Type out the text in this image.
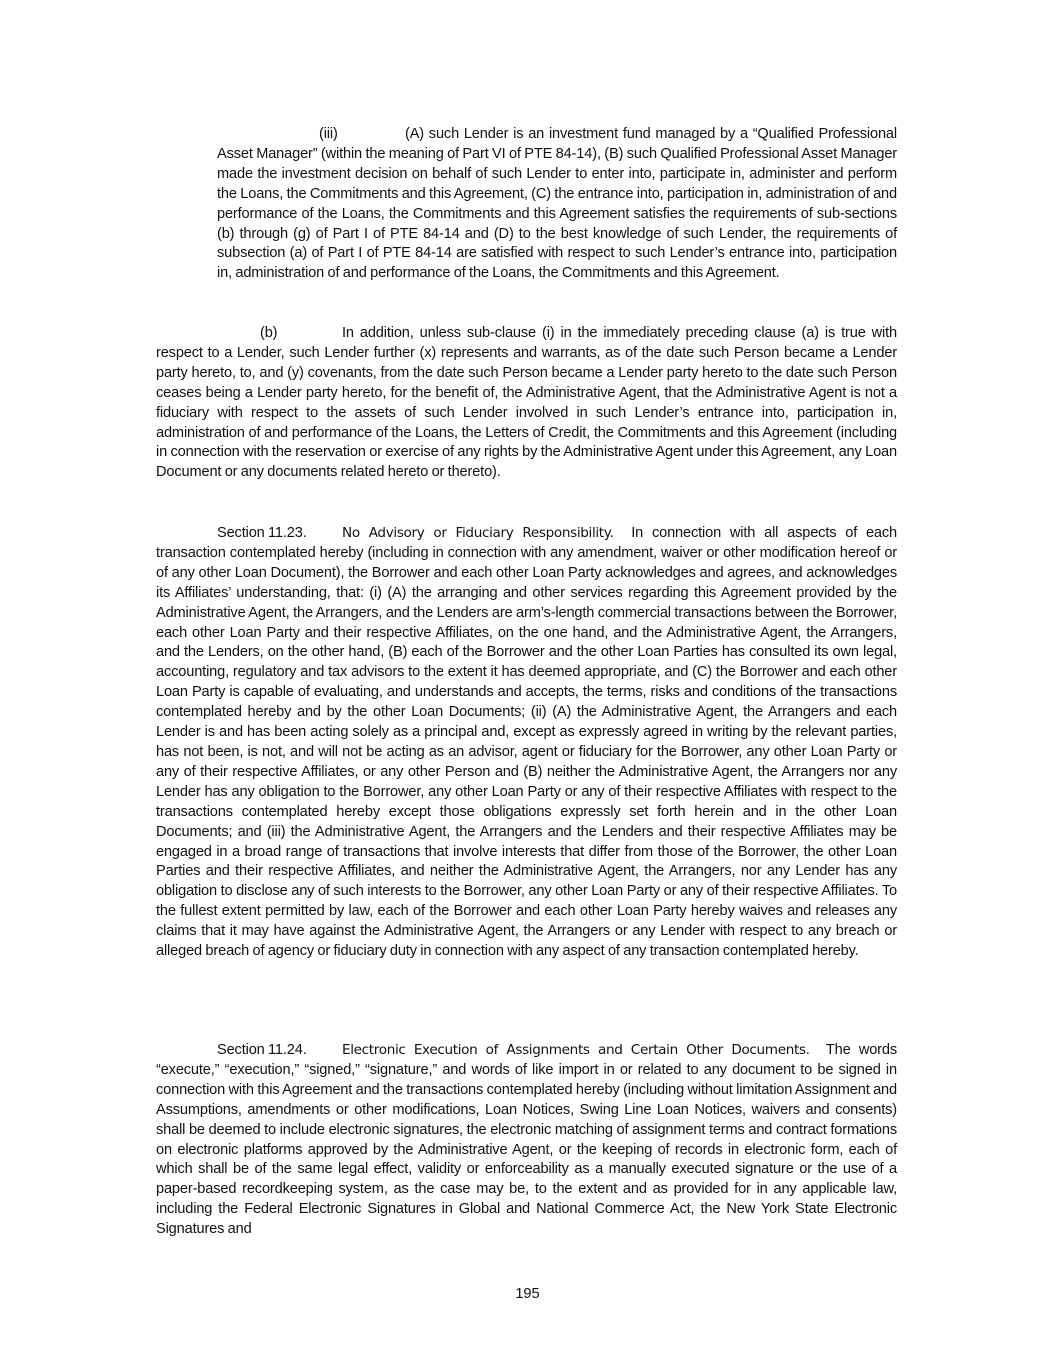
(iii)	(A) such Lender is an investment fund managed by a “Qualified Professional Asset Manager” (within the meaning of Part VI of PTE 84-14), (B) such Qualified Professional Asset Manager made the investment decision on behalf of such Lender to enter into, participate in, administer and perform the Loans, the Commitments and this Agreement, (C) the entrance into, participation in, administration of and performance of the Loans, the Commitments and this Agreement satisfies the requirements of sub-sections (b) through (g) of Part I of PTE 84-14 and (D) to the best knowledge of such Lender, the requirements of subsection (a) of Part I of PTE 84-14 are satisfied with respect to such Lender’s entrance into, participation in, administration of and performance of the Loans, the Commitments and this Agreement.
(b)	In addition, unless sub-clause (i) in the immediately preceding clause (a) is true with respect to a Lender, such Lender further (x) represents and warrants, as of the date such Person became a Lender party hereto, to, and (y) covenants, from the date such Person became a Lender party hereto to the date such Person ceases being a Lender party hereto, for the benefit of, the Administrative Agent, that the Administrative Agent is not a fiduciary with respect to the assets of such Lender involved in such Lender’s entrance into, participation in, administration of and performance of the Loans, the Letters of Credit, the Commitments and this Agreement (including in connection with the reservation or exercise of any rights by the Administrative Agent under this Agreement, any Loan Document or any documents related hereto or thereto).
Section 11.23.	No Advisory or Fiduciary Responsibility. In connection with all aspects of each transaction contemplated hereby (including in connection with any amendment, waiver or other modification hereof or of any other Loan Document), the Borrower and each other Loan Party acknowledges and agrees, and acknowledges its Affiliates’ understanding, that: (i) (A) the arranging and other services regarding this Agreement provided by the Administrative Agent, the Arrangers, and the Lenders are arm’s-length commercial transactions between the Borrower, each other Loan Party and their respective Affiliates, on the one hand, and the Administrative Agent, the Arrangers, and the Lenders, on the other hand, (B) each of the Borrower and the other Loan Parties has consulted its own legal, accounting, regulatory and tax advisors to the extent it has deemed appropriate, and (C) the Borrower and each other Loan Party is capable of evaluating, and understands and accepts, the terms, risks and conditions of the transactions contemplated hereby and by the other Loan Documents; (ii) (A) the Administrative Agent, the Arrangers and each Lender is and has been acting solely as a principal and, except as expressly agreed in writing by the relevant parties, has not been, is not, and will not be acting as an advisor, agent or fiduciary for the Borrower, any other Loan Party or any of their respective Affiliates, or any other Person and (B) neither the Administrative Agent, the Arrangers nor any Lender has any obligation to the Borrower, any other Loan Party or any of their respective Affiliates with respect to the transactions contemplated hereby except those obligations expressly set forth herein and in the other Loan Documents; and (iii) the Administrative Agent, the Arrangers and the Lenders and their respective Affiliates may be engaged in a broad range of transactions that involve interests that differ from those of the Borrower, the other Loan Parties and their respective Affiliates, and neither the Administrative Agent, the Arrangers, nor any Lender has any obligation to disclose any of such interests to the Borrower, any other Loan Party or any of their respective Affiliates. To the fullest extent permitted by law, each of the Borrower and each other Loan Party hereby waives and releases any claims that it may have against the Administrative Agent, the Arrangers or any Lender with respect to any breach or alleged breach of agency or fiduciary duty in connection with any aspect of any transaction contemplated hereby.
Section 11.24.	Electronic Execution of Assignments and Certain Other Documents. The words “execute,” “execution,” “signed,” “signature,” and words of like import in or related to any document to be signed in connection with this Agreement and the transactions contemplated hereby (including without limitation Assignment and Assumptions, amendments or other modifications, Loan Notices, Swing Line Loan Notices, waivers and consents) shall be deemed to include electronic signatures, the electronic matching of assignment terms and contract formations on electronic platforms approved by the Administrative Agent, or the keeping of records in electronic form, each of which shall be of the same legal effect, validity or enforceability as a manually executed signature or the use of a paper-based recordkeeping system, as the case may be, to the extent and as provided for in any applicable law, including the Federal Electronic Signatures in Global and National Commerce Act, the New York State Electronic Signatures and
195
